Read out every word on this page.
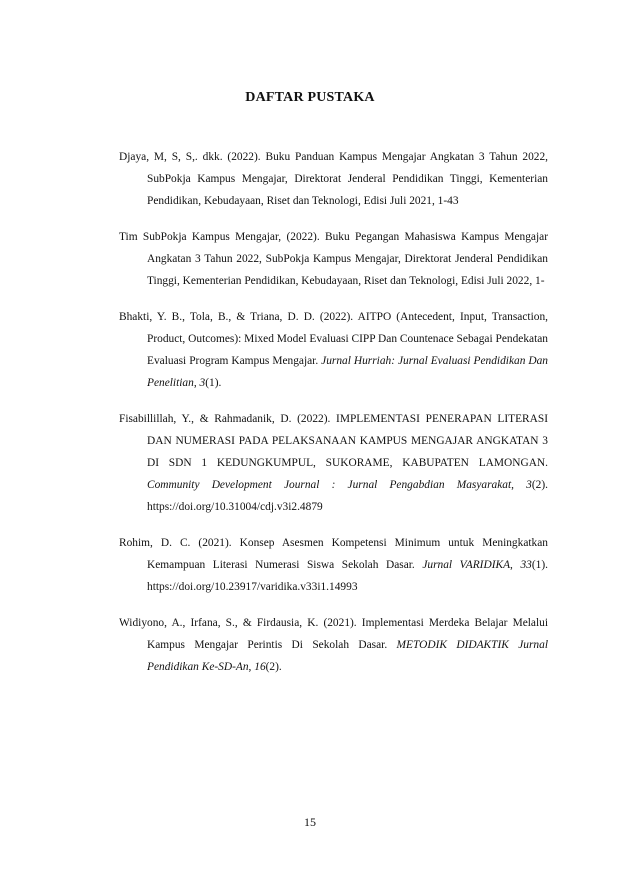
DAFTAR PUSTAKA

Djaya, M, S, S,. dkk. (2022). Buku Panduan Kampus Mengajar Angkatan 3 Tahun 2022, SubPokja Kampus Mengajar, Direktorat Jenderal Pendidikan Tinggi, Kementerian Pendidikan, Kebudayaan, Riset dan Teknologi, Edisi Juli 2021, 1-43

Tim SubPokja Kampus Mengajar, (2022). Buku Pegangan Mahasiswa Kampus Mengajar Angkatan 3 Tahun 2022, SubPokja Kampus Mengajar, Direktorat Jenderal Pendidikan Tinggi, Kementerian Pendidikan, Kebudayaan, Riset dan Teknologi, Edisi Juli 2022, 1-

Bhakti, Y. B., Tola, B., & Triana, D. D. (2022). AITPO (Antecedent, Input, Transaction, Product, Outcomes): Mixed Model Evaluasi CIPP Dan Countenace Sebagai Pendekatan Evaluasi Program Kampus Mengajar. Jurnal Hurriah: Jurnal Evaluasi Pendidikan Dan Penelitian, 3(1).

Fisabillillah, Y., & Rahmadanik, D. (2022). IMPLEMENTASI PENERAPAN LITERASI DAN NUMERASI PADA PELAKSANAAN KAMPUS MENGAJAR ANGKATAN 3 DI SDN 1 KEDUNGKUMPUL, SUKORAME, KABUPATEN LAMONGAN. Community Development Journal : Jurnal Pengabdian Masyarakat, 3(2). https://doi.org/10.31004/cdj.v3i2.4879

Rohim, D. C. (2021). Konsep Asesmen Kompetensi Minimum untuk Meningkatkan Kemampuan Literasi Numerasi Siswa Sekolah Dasar. Jurnal VARIDIKA, 33(1). https://doi.org/10.23917/varidika.v33i1.14993

Widiyono, A., Irfana, S., & Firdausia, K. (2021). Implementasi Merdeka Belajar Melalui Kampus Mengajar Perintis Di Sekolah Dasar. METODIK DIDAKTIK Jurnal Pendidikan Ke-SD-An, 16(2).

15
